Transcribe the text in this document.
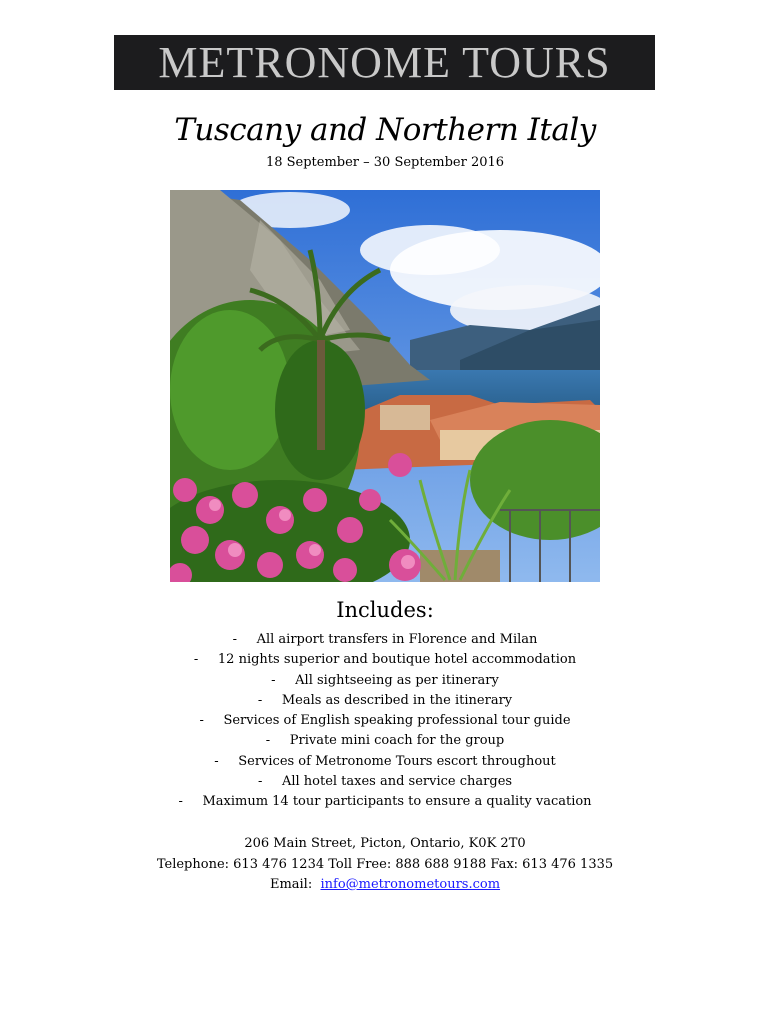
METRONOME TOURS
Tuscany and Northern Italy
18 September – 30 September 2016
Includes:
- All airport transfers in Florence and Milan
- 12 nights superior and boutique hotel accommodation
- All sightseeing as per itinerary
- Meals as described in the itinerary
- Services of English speaking professional tour guide
- Private mini coach for the group
- Services of Metronome Tours escort throughout
- All hotel taxes and service charges
- Maximum 14 tour participants to ensure a quality vacation
206 Main Street, Picton, Ontario, K0K 2T0
Telephone: 613 476 1234 Toll Free: 888 688 9188 Fax: 613 476 1335
Email: info@metronometours.com
